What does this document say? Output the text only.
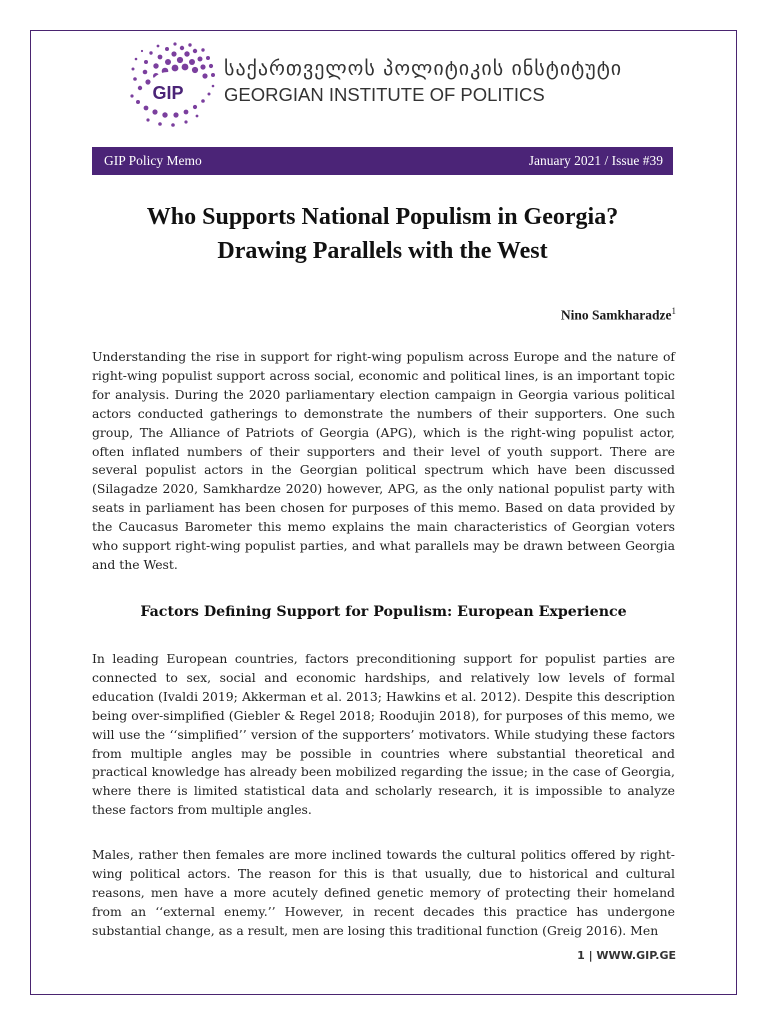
GIP
საქართველოს პოლიტიკის ინსტიტუტი
GEORGIAN INSTITUTE OF POLITICS
GIP Policy Memo	January 2021 / Issue #39
Who Supports National Populism in Georgia?
Drawing Parallels with the West
Nino Samkharadze$^1$
Understanding the rise in support for right-wing populism across Europe and the nature of right-wing populist support across social, economic and political lines, is an important topic for analysis. During the 2020 parliamentary election campaign in Georgia various political actors conducted gatherings to demonstrate the numbers of their supporters. One such group, The Alliance of Patriots of Georgia (APG), which is the right-wing populist actor, often inflated numbers of their supporters and their level of youth support. There are several populist actors in the Georgian political spectrum which have been discussed (Silagadze 2020, Samkhardze 2020) however, APG, as the only national populist party with seats in parliament has been chosen for purposes of this memo. Based on data provided by the Caucasus Barometer this memo explains the main characteristics of Georgian voters who support right-wing populist parties, and what parallels may be drawn between Georgia and the West.
Factors Defining Support for Populism: European Experience
In leading European countries, factors preconditioning support for populist parties are connected to sex, social and economic hardships, and relatively low levels of formal education (Ivaldi 2019; Akkerman et al. 2013; Hawkins et al. 2012). Despite this description being over-simplified (Giebler & Regel 2018; Roodujin 2018), for purposes of this memo, we will use the ‘‘simplified’’ version of the supporters’ motivators. While studying these factors from multiple angles may be possible in countries where substantial theoretical and practical knowledge has already been mobilized regarding the issue; in the case of Georgia, where there is limited statistical data and scholarly research, it is impossible to analyze these factors from multiple angles.
Males, rather then females are more inclined towards the cultural politics offered by right-wing political actors. The reason for this is that usually, due to historical and cultural reasons, men have a more acutely defined genetic memory of protecting their homeland from an ‘‘external enemy.’’ However, in recent decades this practice has undergone substantial change, as a result, men are losing this traditional function (Greig 2016). Men
1 | WWW.GIP.GE
